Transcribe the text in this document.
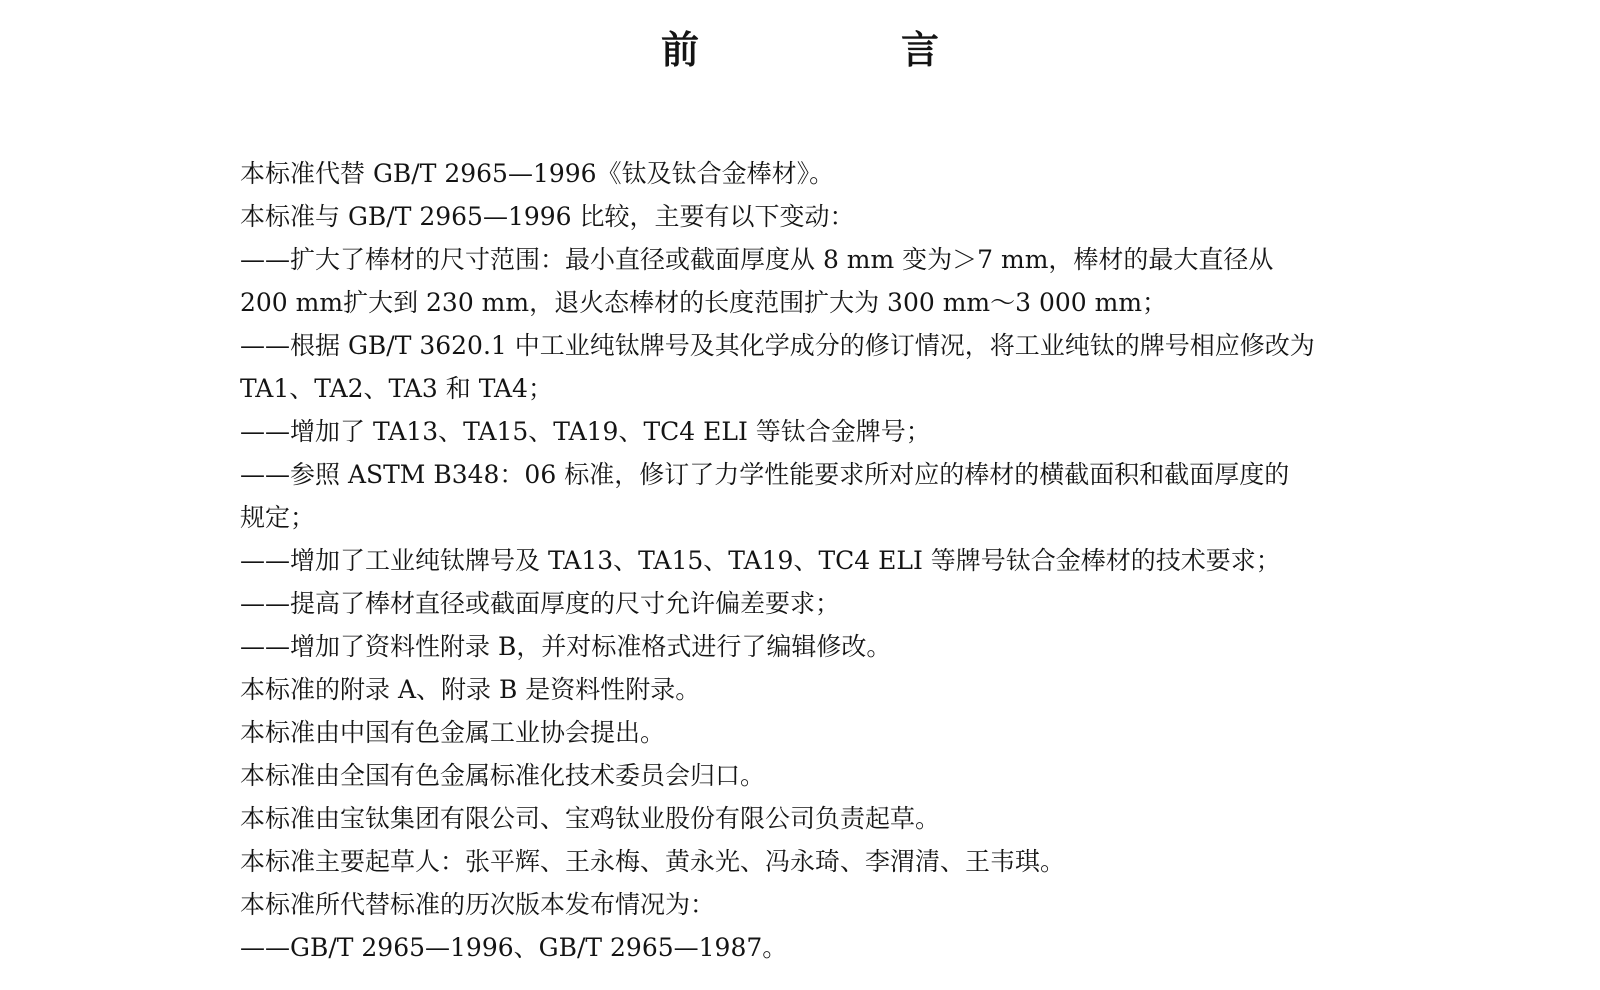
前　言

本标准代替 GB/T 2965—1996《钛及钛合金棒材》。

本标准与 GB/T 2965—1996 比较，主要有以下变动：

——扩大了棒材的尺寸范围：最小直径或截面厚度从 8 mm 变为＞7 mm，棒材的最大直径从
200 mm扩大到 230 mm，退火态棒材的长度范围扩大为 300 mm～3 000 mm；

——根据 GB/T 3620.1 中工业纯钛牌号及其化学成分的修订情况，将工业纯钛的牌号相应修改为
TA1、TA2、TA3 和 TA4；

——增加了 TA13、TA15、TA19、TC4 ELI 等钛合金牌号；

——参照 ASTM B348：06 标准，修订了力学性能要求所对应的棒材的横截面积和截面厚度的
规定；

——增加了工业纯钛牌号及 TA13、TA15、TA19、TC4 ELI 等牌号钛合金棒材的技术要求；

——提高了棒材直径或截面厚度的尺寸允许偏差要求；

——增加了资料性附录 B，并对标准格式进行了编辑修改。

本标准的附录 A、附录 B 是资料性附录。

本标准由中国有色金属工业协会提出。

本标准由全国有色金属标准化技术委员会归口。

本标准由宝钛集团有限公司、宝鸡钛业股份有限公司负责起草。

本标准主要起草人：张平辉、王永梅、黄永光、冯永琦、李渭清、王韦琪。

本标准所代替标准的历次版本发布情况为：

——GB/T 2965—1996、GB/T 2965—1987。
